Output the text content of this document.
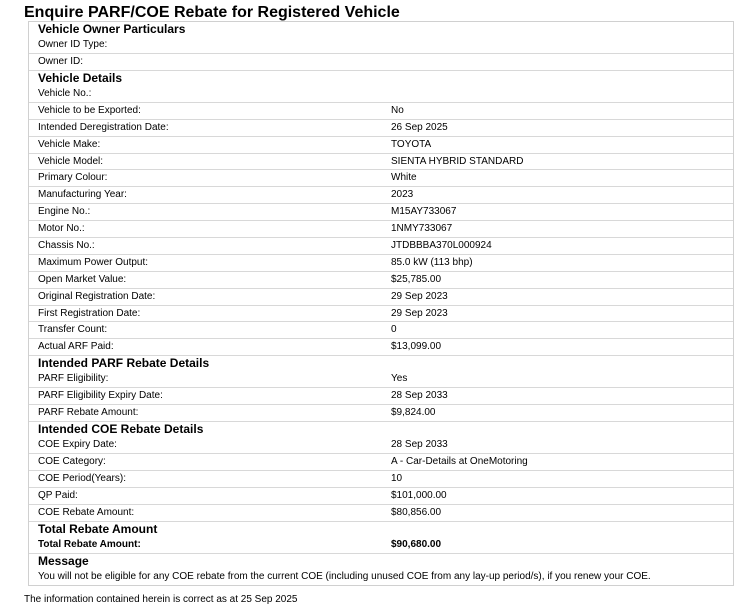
Enquire PARF/COE Rebate for Registered Vehicle
Vehicle Owner Particulars
Owner ID Type:
Owner ID:
Vehicle Details
Vehicle No.:
Vehicle to be Exported:	No
Intended Deregistration Date:	26 Sep 2025
Vehicle Make:	TOYOTA
Vehicle Model:	SIENTA HYBRID STANDARD
Primary Colour:	White
Manufacturing Year:	2023
Engine No.:	M15AY733067
Motor No.:	1NMY733067
Chassis No.:	JTDBBBA370L000924
Maximum Power Output:	85.0 kW (113 bhp)
Open Market Value:	$25,785.00
Original Registration Date:	29 Sep 2023
First Registration Date:	29 Sep 2023
Transfer Count:	0
Actual ARF Paid:	$13,099.00
Intended PARF Rebate Details
PARF Eligibility:	Yes
PARF Eligibility Expiry Date:	28 Sep 2033
PARF Rebate Amount:	$9,824.00
Intended COE Rebate Details
COE Expiry Date:	28 Sep 2033
COE Category:	A - Car-Details at OneMotoring
COE Period(Years):	10
QP Paid:	$101,000.00
COE Rebate Amount:	$80,856.00
Total Rebate Amount
Total Rebate Amount:	$90,680.00
Message
You will not be eligible for any COE rebate from the current COE (including unused COE from any lay-up period/s), if you renew your COE.
The information contained herein is correct as at 25 Sep 2025
